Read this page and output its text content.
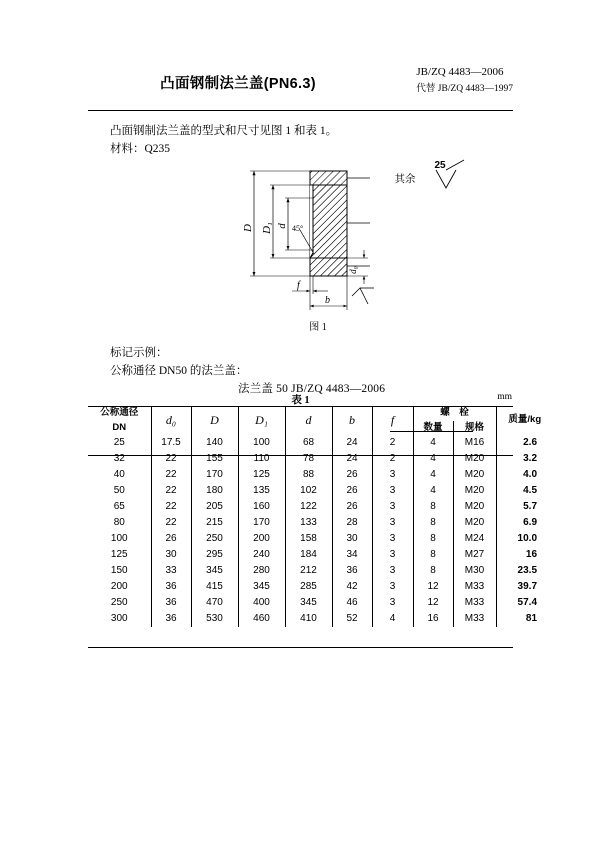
凸面钢制法兰盖(PN6.3)
JB/ZQ 4483—2006
代替 JB/ZQ 4483—1997
凸面钢制法兰盖的型式和尺寸见图 1 和表 1。
材料：Q235
D D₁ d 45°
d₀
f
b
25
其余
图 1
标记示例：
公称通径 DN50 的法兰盖：
法兰盖 50 JB/ZQ 4483—2006
表 1	mm
公称通径
DN	d₀	D	D₁	d	b	f	螺　栓		质量/kg
							数量	规格	
25	17.5	140	100	68	24	2	4	M16	2.6
32	22	155	110	78	24	2	4	M20	3.2
40	22	170	125	88	26	3	4	M20	4.0
50	22	180	135	102	26	3	4	M20	4.5
65	22	205	160	122	26	3	8	M20	5.7
80	22	215	170	133	28	3	8	M20	6.9
100	26	250	200	158	30	3	8	M24	10.0
125	30	295	240	184	34	3	8	M27	16
150	33	345	280	212	36	3	8	M30	23.5
200	36	415	345	285	42	3	12	M33	39.7
250	36	470	400	345	46	3	12	M33	57.4
300	36	530	460	410	52	4	16	M33	81
